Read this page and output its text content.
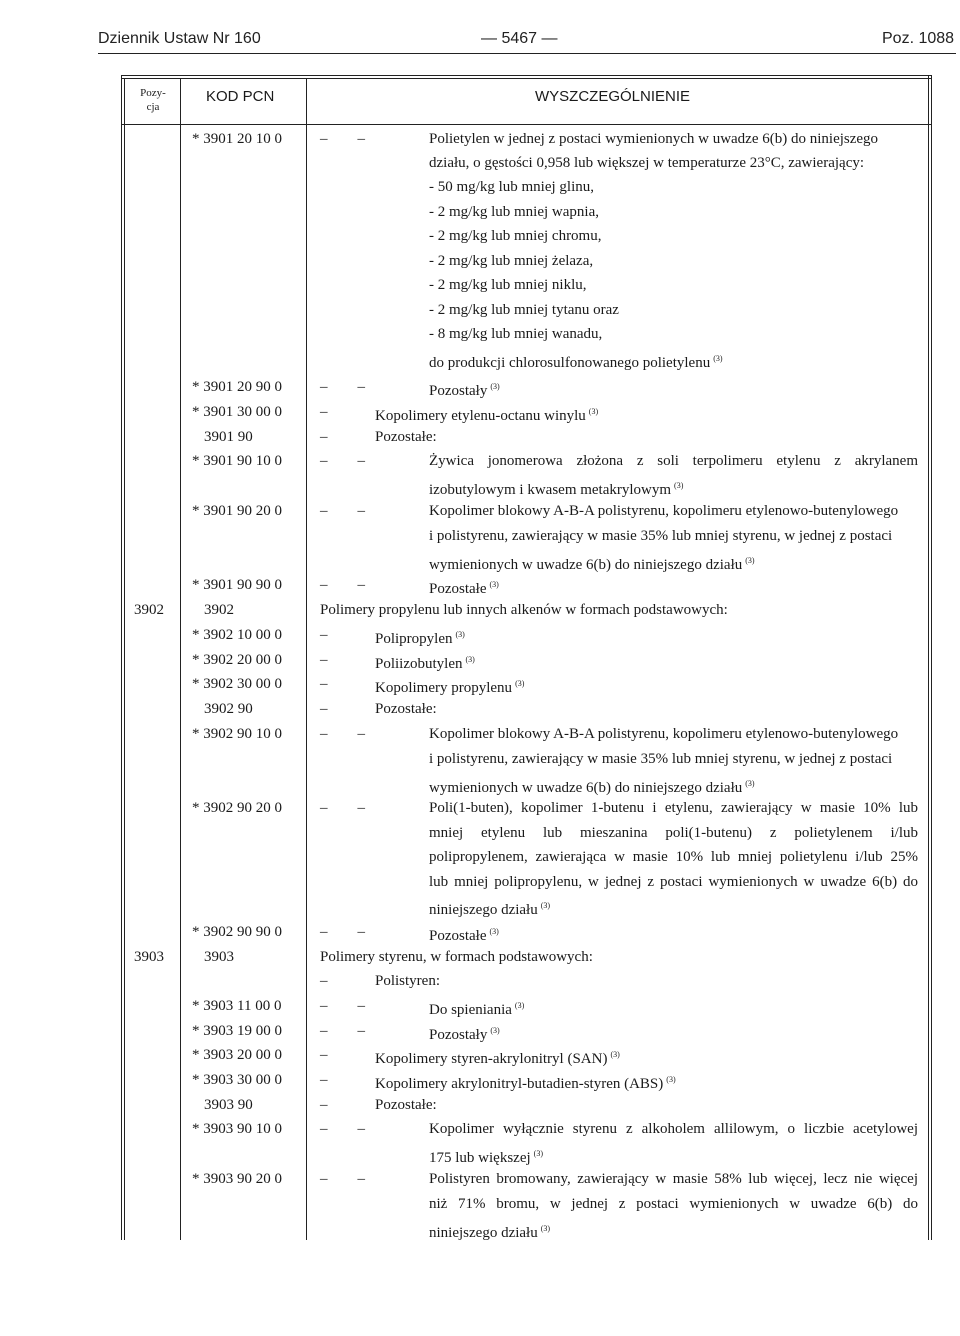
Dziennik Ustaw Nr 160	— 5467 —	Poz. 1088
Pozy-
cja
KOD PCN	WYSZCZEGÓLNIENIE
* 3901 20 10 0	–        –	Polietylen w jednej z postaci wymienionych w uwadze 6(b) do niniejszego
działu, o gęstości 0,958 lub większej w temperaturze 23°C, zawierający:
- 50 mg/kg lub mniej glinu,
- 2 mg/kg lub mniej wapnia,
- 2 mg/kg lub mniej chromu,
- 2 mg/kg lub mniej żelaza,
- 2 mg/kg lub mniej niklu,
- 2 mg/kg lub mniej tytanu oraz
- 8 mg/kg lub mniej wanadu,
do produkcji chlorosulfonowanego polietylenu $^{(3)}$
* 3901 20 90 0	–        –	Pozostały $^{(3)}$
* 3901 30 00 0	–	Kopolimery etylenu-octanu winylu $^{(3)}$
3901 90	–	Pozostałe:
* 3901 90 10 0	–        –	Żywica jonomerowa złożona z soli terpolimeru etylenu z akrylanem
izobutylowym i kwasem metakrylowym $^{(3)}$
* 3901 90 20 0	–        –	Kopolimer blokowy A-B-A polistyrenu, kopolimeru etylenowo-butenylowego
i polistyrenu, zawierający w masie 35% lub mniej styrenu, w jednej z postaci
wymienionych w uwadze 6(b) do niniejszego działu $^{(3)}$
* 3901 90 90 0	–        –	Pozostałe $^{(3)}$
3902	3902	Polimery propylenu lub innych alkenów w formach podstawowych:
* 3902 10 00 0	–	Polipropylen $^{(3)}$
* 3902 20 00 0	–	Poliizobutylen $^{(3)}$
* 3902 30 00 0	–	Kopolimery propylenu $^{(3)}$
3902 90	–	Pozostałe:
* 3902 90 10 0	–        –	Kopolimer blokowy A-B-A polistyrenu, kopolimeru etylenowo-butenylowego
i polistyrenu, zawierający w masie 35% lub mniej styrenu, w jednej z postaci
wymienionych w uwadze 6(b) do niniejszego działu $^{(3)}$
* 3902 90 20 0	–        –	Poli(1-buten), kopolimer 1-butenu i etylenu, zawierający w masie 10% lub
mniej etylenu lub mieszanina poli(1-butenu) z polietylenem i/lub
polipropylenem, zawierająca w masie 10% lub mniej polietylenu i/lub 25%
lub mniej polipropylenu, w jednej z postaci wymienionych w uwadze 6(b) do
niniejszego działu $^{(3)}$
* 3902 90 90 0	–        –	Pozostałe $^{(3)}$
3903	3903	Polimery styrenu, w formach podstawowych:
–	Polistyren:
* 3903 11 00 0	–        –	Do spieniania $^{(3)}$
* 3903 19 00 0	–        –	Pozostały $^{(3)}$
* 3903 20 00 0	–	Kopolimery styren-akrylonitryl (SAN) $^{(3)}$
* 3903 30 00 0	–	Kopolimery akrylonitryl-butadien-styren (ABS) $^{(3)}$
3903 90	–	Pozostałe:
* 3903 90 10 0	–        –	Kopolimer wyłącznie styrenu z alkoholem allilowym, o liczbie acetylowej
175 lub większej $^{(3)}$
* 3903 90 20 0	–        –	Polistyren bromowany, zawierający w masie 58% lub więcej, lecz nie więcej
niż 71% bromu, w jednej z postaci wymienionych w uwadze 6(b) do
niniejszego działu $^{(3)}$
